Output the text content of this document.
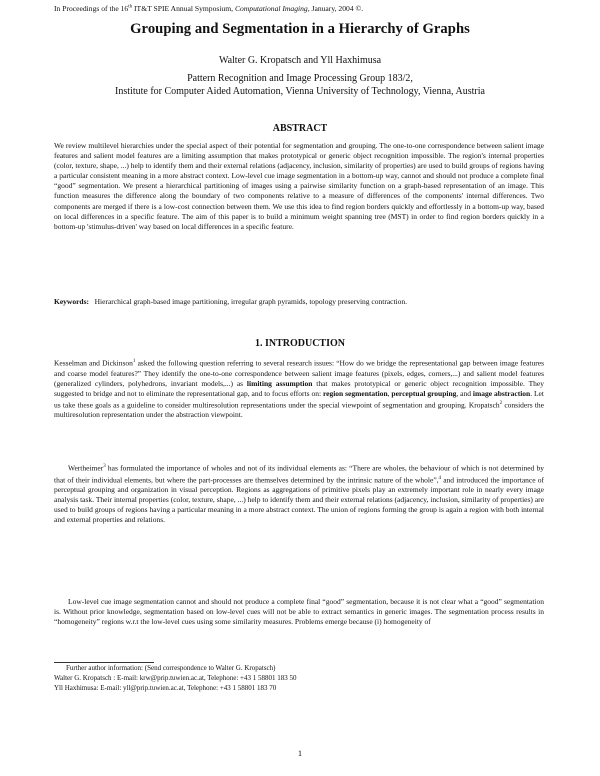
In Proceedings of the 16th IT&T SPIE Annual Symposium, Computational Imaging, January, 2004 ©.
Grouping and Segmentation in a Hierarchy of Graphs
Walter G. Kropatsch and Yll Haxhimusa
Pattern Recognition and Image Processing Group 183/2,
Institute for Computer Aided Automation, Vienna University of Technology, Vienna, Austria
ABSTRACT

We review multilevel hierarchies under the special aspect of their potential for segmentation and grouping. The one-to-one correspondence between salient image features and salient model features are a limiting assumption that makes prototypical or generic object recognition impossible. The region's internal properties (color, texture, shape, ...) help to identify them and their external relations (adjacency, inclusion, similarity of properties) are used to build groups of regions having a particular consistent meaning in a more abstract context. Low-level cue image segmentation in a bottom-up way, cannot and should not produce a complete final “good” segmentation. We present a hierarchical partitioning of images using a pairwise similarity function on a graph-based representation of an image. This function measures the difference along the boundary of two components relative to a measure of differences of the components' internal differences. Two components are merged if there is a low-cost connection between them. We use this idea to find region borders quickly and effortlessly in a bottom-up way, based on local differences in a specific feature. The aim of this paper is to build a minimum weight spanning tree (MST) in order to find region borders quickly in a bottom-up 'stimulus-driven' way based on local differences in a specific feature.

Keywords: Hierarchical graph-based image partitioning, irregular graph pyramids, topology preserving contraction.

1. INTRODUCTION

Kesselman and Dickinson$^1$ asked the following question referring to several research issues: “How do we bridge the representational gap between image features and coarse model features?” They identify the one-to-one correspondence between salient image features (pixels, edges, corners,...) and salient model features (generalized cylinders, polyhedrons, invariant models,...) as limiting assumption that makes prototypical or generic object recognition impossible. They suggested to bridge and not to eliminate the representational gap, and to focus efforts on: region segmentation, perceptual grouping, and image abstraction. Let us take these goals as a guideline to consider multiresolution representations under the special viewpoint of segmentation and grouping. Kropatsch$^2$ considers the multiresolution representation under the abstraction viewpoint.

Wertheimer$^3$ has formulated the importance of wholes and not of its individual elements as: “There are wholes, the behaviour of which is not determined by that of their individual elements, but where the part-processes are themselves determined by the intrinsic nature of the whole”,$^4$ and introduced the importance of perceptual grouping and organization in visual perception. Regions as aggregations of primitive pixels play an extremely important role in nearly every image analysis task. Their internal properties (color, texture, shape, ...) help to identify them and their external relations (adjacency, inclusion, similarity of properties) are used to build groups of regions having a particular meaning in a more abstract context. The union of regions forming the group is again a region with both internal and external properties and relations.

Low-level cue image segmentation cannot and should not produce a complete final “good” segmentation, because it is not clear what a “good” segmentation is. Without prior knowledge, segmentation based on low-level cues will not be able to extract semantics in generic images. The segmentation process results in “homogeneity” regions w.r.t the low-level cues using some similarity measures. Problems emerge because (i) homogeneity of

Further author information: (Send correspondence to Walter G. Kropatsch)
Walter G. Kropatsch : E-mail: krw@prip.tuwien.ac.at, Telephone: +43 1 58801 183 50
Yll Haxhimusa: E-mail: yll@prip.tuwien.ac.at, Telephone: +43 1 58801 183 70
1
